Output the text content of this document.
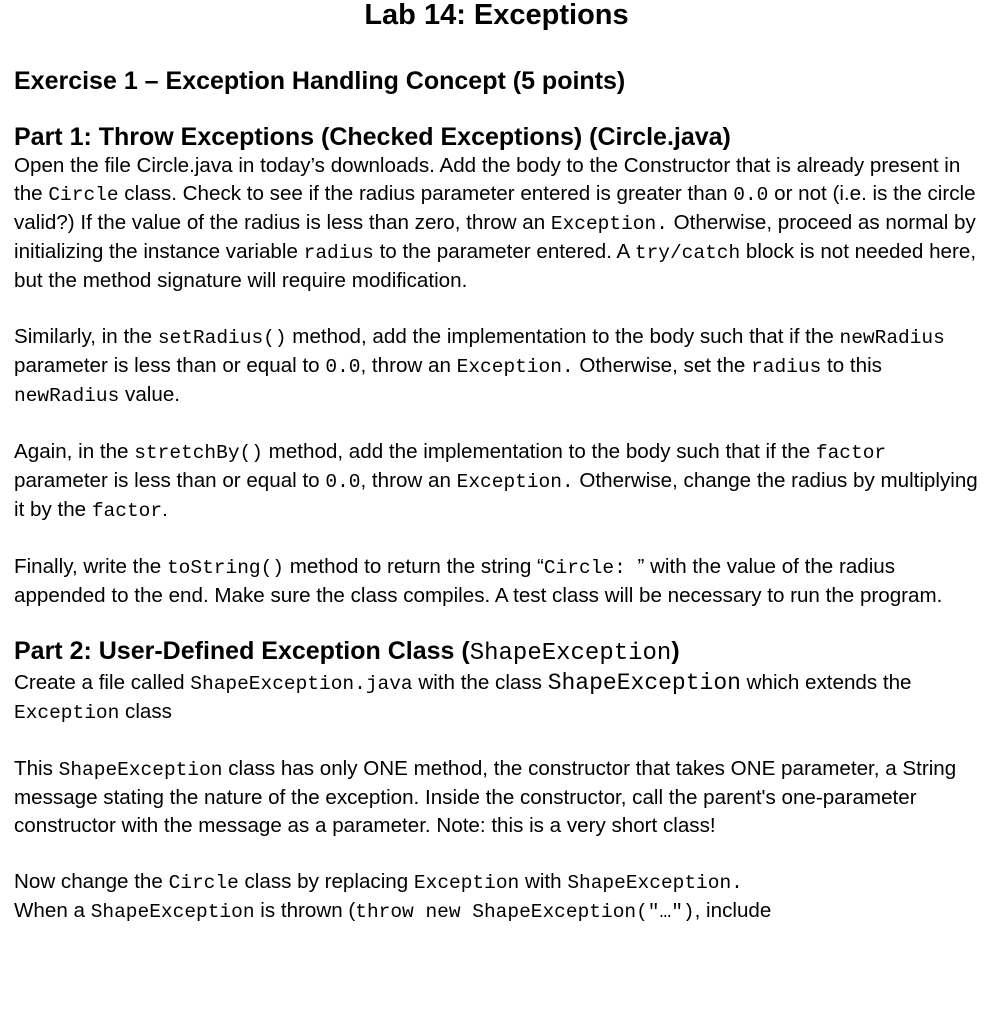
Lab 14: Exceptions
Exercise 1 – Exception Handling Concept (5 points)
Part 1: Throw Exceptions (Checked Exceptions) (Circle.java)

Open the file Circle.java in today’s downloads. Add the body to the Constructor that is already present in the Circle class. Check to see if the radius parameter entered is greater than 0.0 or not (i.e. is the circle valid?) If the value of the radius is less than zero, throw an Exception. Otherwise, proceed as normal by initializing the instance variable radius to the parameter entered. A try/catch block is not needed here, but the method signature will require modification.

Similarly, in the setRadius() method, add the implementation to the body such that if the newRadius parameter is less than or equal to 0.0, throw an Exception. Otherwise, set the radius to this newRadius value.

Again, in the stretchBy() method, add the implementation to the body such that if the factor parameter is less than or equal to 0.0, throw an Exception. Otherwise, change the radius by multiplying it by the factor.

Finally, write the toString() method to return the string “Circle: ” with the value of the radius appended to the end. Make sure the class compiles. A test class will be necessary to run the program.

Part 2: User-Defined Exception Class (ShapeException)

Create a file called ShapeException.java with the class ShapeException which extends the Exception class

This ShapeException class has only ONE method, the constructor that takes ONE parameter, a String message stating the nature of the exception. Inside the constructor, call the parent's one-parameter constructor with the message as a parameter. Note: this is a very short class!

Now change the Circle class by replacing Exception with ShapeException.
When a ShapeException is thrown (throw new ShapeException("…"), include
